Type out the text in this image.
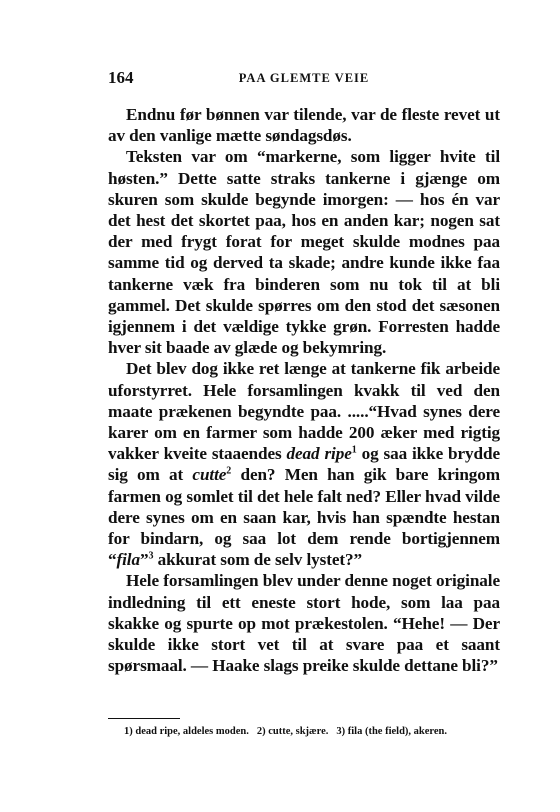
164	PAA GLEMTE VEIE

Endnu før bønnen var tilende, var de fleste revet ut av den vanlige mætte søndagsdøs.

Teksten var om “markerne, som ligger hvite til høsten.” Dette satte straks tankerne i gjænge om skuren som skulde begynde imorgen: — hos én var det hest det skortet paa, hos en anden kar; nogen sat der med frygt forat for meget skulde modnes paa samme tid og derved ta skade; andre kunde ikke faa tankerne væk fra binderen som nu tok til at bli gammel. Det skulde spørres om den stod det sæsonen igjennem i det vældige tykke grøn. Forresten hadde hver sit baade av glæde og bekymring.

Det blev dog ikke ret længe at tankerne fik arbeide uforstyrret. Hele forsamlingen kvakk til ved den maate prækenen begyndte paa. .....“Hvad synes dere karer om en farmer som hadde 200 æker med rigtig vakker kveite staaendes dead ripe$^1$ og saa ikke brydde sig om at cutte$^2$ den? Men han gik bare kringom farmen og somlet til det hele falt ned? Eller hvad vilde dere synes om en saan kar, hvis han spændte hestan for bindarn, og saa lot dem rende bortigjennem “fila”$^3$ akkurat som de selv lystet?”

Hele forsamlingen blev under denne noget originale indledning til ett eneste stort hode, som laa paa skakke og spurte op mot prækestolen. “Hehe! — Der skulde ikke stort vet til at svare paa et saant spørsmaal. — Haake slags preike skulde dettane bli?”

1) dead ripe, aldeles moden. 2) cutte, skjære. 3) fila (the field), akeren.
